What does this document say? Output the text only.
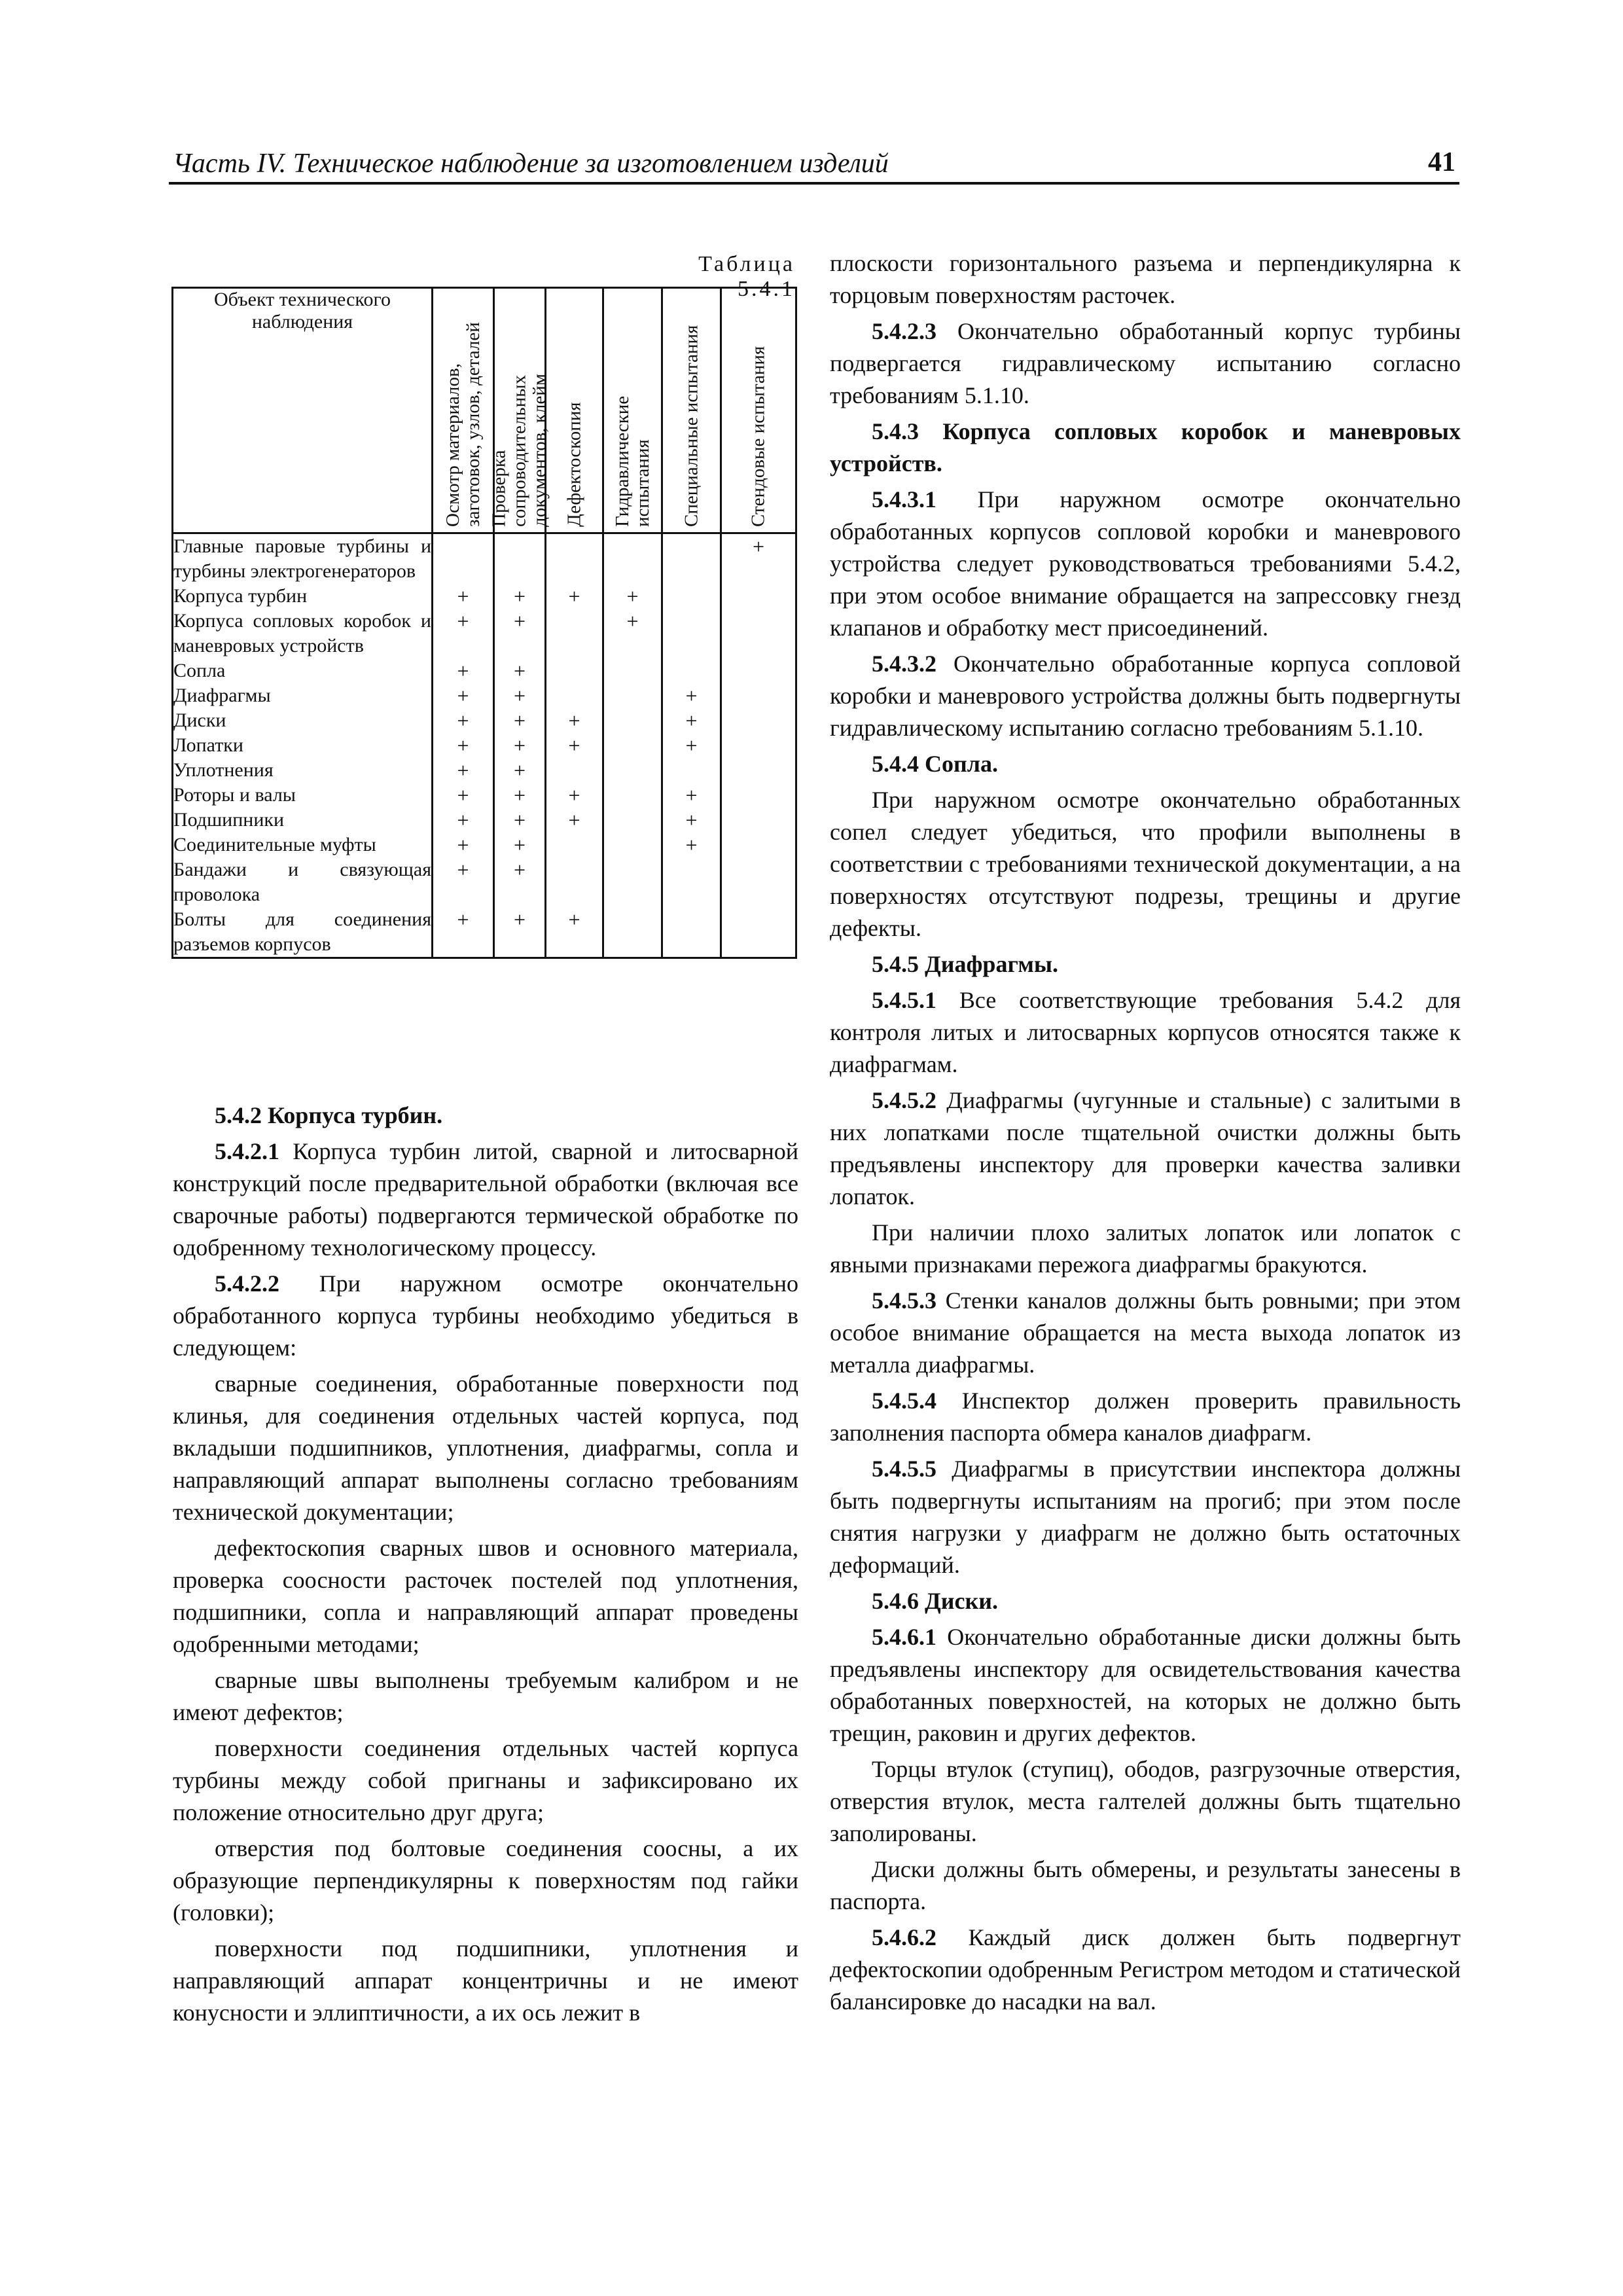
Часть IV. Техническое наблюдение за изготовлением изделий	41
Таблица 5.4.1
Объект технического наблюдения	Осмотр материалов, заготовок, узлов, деталей	Проверка сопроводительных документов, клейм	Дефектоскопия	Гидравлические испытания	Специальные испытания	Стендовые испытания

Главные паровые турбины и турбины электрогенераторов						+
Корпуса турбин	+	+	+	+		
Корпуса сопловых коробок и маневровых устройств	+	+		+		
Сопла	+	+				
Диафрагмы	+	+			+	
Диски	+	+	+		+	
Лопатки	+	+	+		+	
Уплотнения	+	+				
Роторы и валы	+	+	+		+	
Подшипники	+	+	+		+	
Соединительные муфты	+	+			+	
Бандажи и связующая проволока	+	+				
Болты для соединения разъемов корпусов	+	+	+			

5.4.2 Корпуса турбин.

5.4.2.1 Корпуса турбин литой, сварной и литосварной конструкций после предварительной обработки (включая все сварочные работы) подвергаются термической обработке по одобренному технологическому процессу.

5.4.2.2 При наружном осмотре окончательно обработанного корпуса турбины необходимо убедиться в следующем:

сварные соединения, обработанные поверхности под клинья, для соединения отдельных частей корпуса, под вкладыши подшипников, уплотнения, диафрагмы, сопла и направляющий аппарат выполнены согласно требованиям технической документации;

дефектоскопия сварных швов и основного материала, проверка соосности расточек постелей под уплотнения, подшипники, сопла и направляющий аппарат проведены одобренными методами;

сварные швы выполнены требуемым калибром и не имеют дефектов;

поверхности соединения отдельных частей корпуса турбины между собой пригнаны и зафиксировано их положение относительно друг друга;

отверстия под болтовые соединения соосны, а их образующие перпендикулярны к поверхностям под гайки (головки);

поверхности под подшипники, уплотнения и направляющий аппарат концентричны и не имеют конусности и эллиптичности, а их ось лежит в

плоскости горизонтального разъема и перпендикулярна к торцовым поверхностям расточек.

5.4.2.3 Окончательно обработанный корпус турбины подвергается гидравлическому испытанию согласно требованиям 5.1.10.

5.4.3 Корпуса сопловых коробок и маневровых устройств.

5.4.3.1 При наружном осмотре окончательно обработанных корпусов сопловой коробки и маневрового устройства следует руководствоваться требованиями 5.4.2, при этом особое внимание обращается на запрессовку гнезд клапанов и обработку мест присоединений.

5.4.3.2 Окончательно обработанные корпуса сопловой коробки и маневрового устройства должны быть подвергнуты гидравлическому испытанию согласно требованиям 5.1.10.

5.4.4 Сопла.

При наружном осмотре окончательно обработанных сопел следует убедиться, что профили выполнены в соответствии с требованиями технической документации, а на поверхностях отсутствуют подрезы, трещины и другие дефекты.

5.4.5 Диафрагмы.

5.4.5.1 Все соответствующие требования 5.4.2 для контроля литых и литосварных корпусов относятся также к диафрагмам.

5.4.5.2 Диафрагмы (чугунные и стальные) с залитыми в них лопатками после тщательной очистки должны быть предъявлены инспектору для проверки качества заливки лопаток.

При наличии плохо залитых лопаток или лопаток с явными признаками пережога диафрагмы бракуются.

5.4.5.3 Стенки каналов должны быть ровными; при этом особое внимание обращается на места выхода лопаток из металла диафрагмы.

5.4.5.4 Инспектор должен проверить правильность заполнения паспорта обмера каналов диафрагм.

5.4.5.5 Диафрагмы в присутствии инспектора должны быть подвергнуты испытаниям на прогиб; при этом после снятия нагрузки у диафрагм не должно быть остаточных деформаций.

5.4.6 Диски.

5.4.6.1 Окончательно обработанные диски должны быть предъявлены инспектору для освидетельствования качества обработанных поверхностей, на которых не должно быть трещин, раковин и других дефектов.

Торцы втулок (ступиц), ободов, разгрузочные отверстия, отверстия втулок, места галтелей должны быть тщательно заполированы.

Диски должны быть обмерены, и результаты занесены в паспорта.

5.4.6.2 Каждый диск должен быть подвергнут дефектоскопии одобренным Регистром методом и статической балансировке до насадки на вал.
